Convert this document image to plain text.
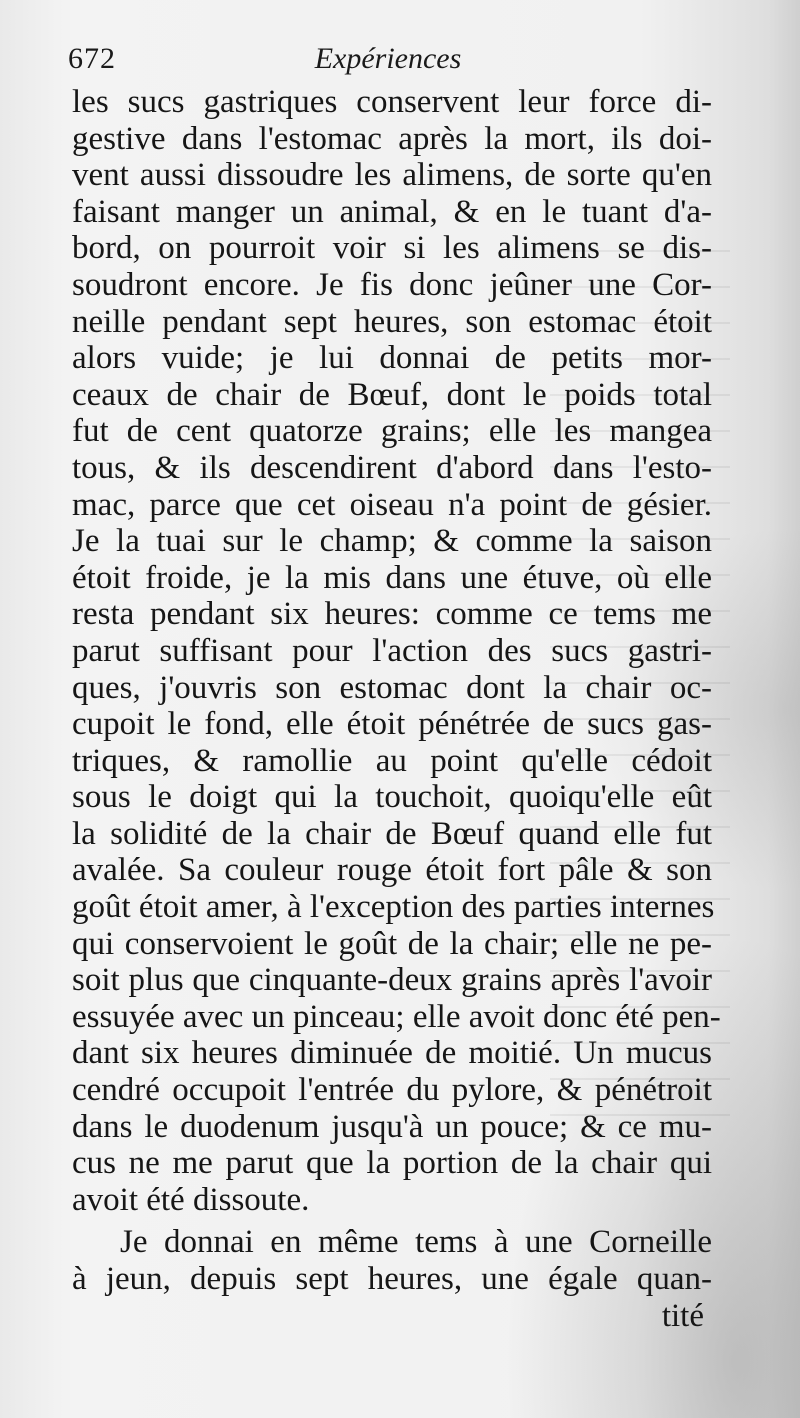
672	Expériences
les sucs gastriques conservent leur force di-
gestive dans l'estomac après la mort, ils doi-
vent aussi dissoudre les alimens, de sorte qu'en
faisant manger un animal, & en le tuant d'a-
bord, on pourroit voir si les alimens se dis-
soudront encore. Je fis donc jeûner une Cor-
neille pendant sept heures, son estomac étoit
alors vuide; je lui donnai de petits mor-
ceaux de chair de Bœuf, dont le poids total
fut de cent quatorze grains; elle les mangea
tous, & ils descendirent d'abord dans l'esto-
mac, parce que cet oiseau n'a point de gésier.
Je la tuai sur le champ; & comme la saison
étoit froide, je la mis dans une étuve, où elle
resta pendant six heures: comme ce tems me
parut suffisant pour l'action des sucs gastri-
ques, j'ouvris son estomac dont la chair oc-
cupoit le fond, elle étoit pénétrée de sucs gas-
triques, & ramollie au point qu'elle cédoit
sous le doigt qui la touchoit, quoiqu'elle eût
la solidité de la chair de Bœuf quand elle fut
avalée. Sa couleur rouge étoit fort pâle & son
goût étoit amer, à l'exception des parties internes
qui conservoient le goût de la chair; elle ne pe-
soit plus que cinquante-deux grains après l'avoir
essuyée avec un pinceau; elle avoit donc été pen-
dant six heures diminuée de moitié. Un mucus
cendré occupoit l'entrée du pylore, & pénétroit
dans le duodenum jusqu'à un pouce; & ce mu-
cus ne me parut que la portion de la chair qui
avoit été dissoute.
Je donnai en même tems à une Corneille
à jeun, depuis sept heures, une égale quan-
tité
